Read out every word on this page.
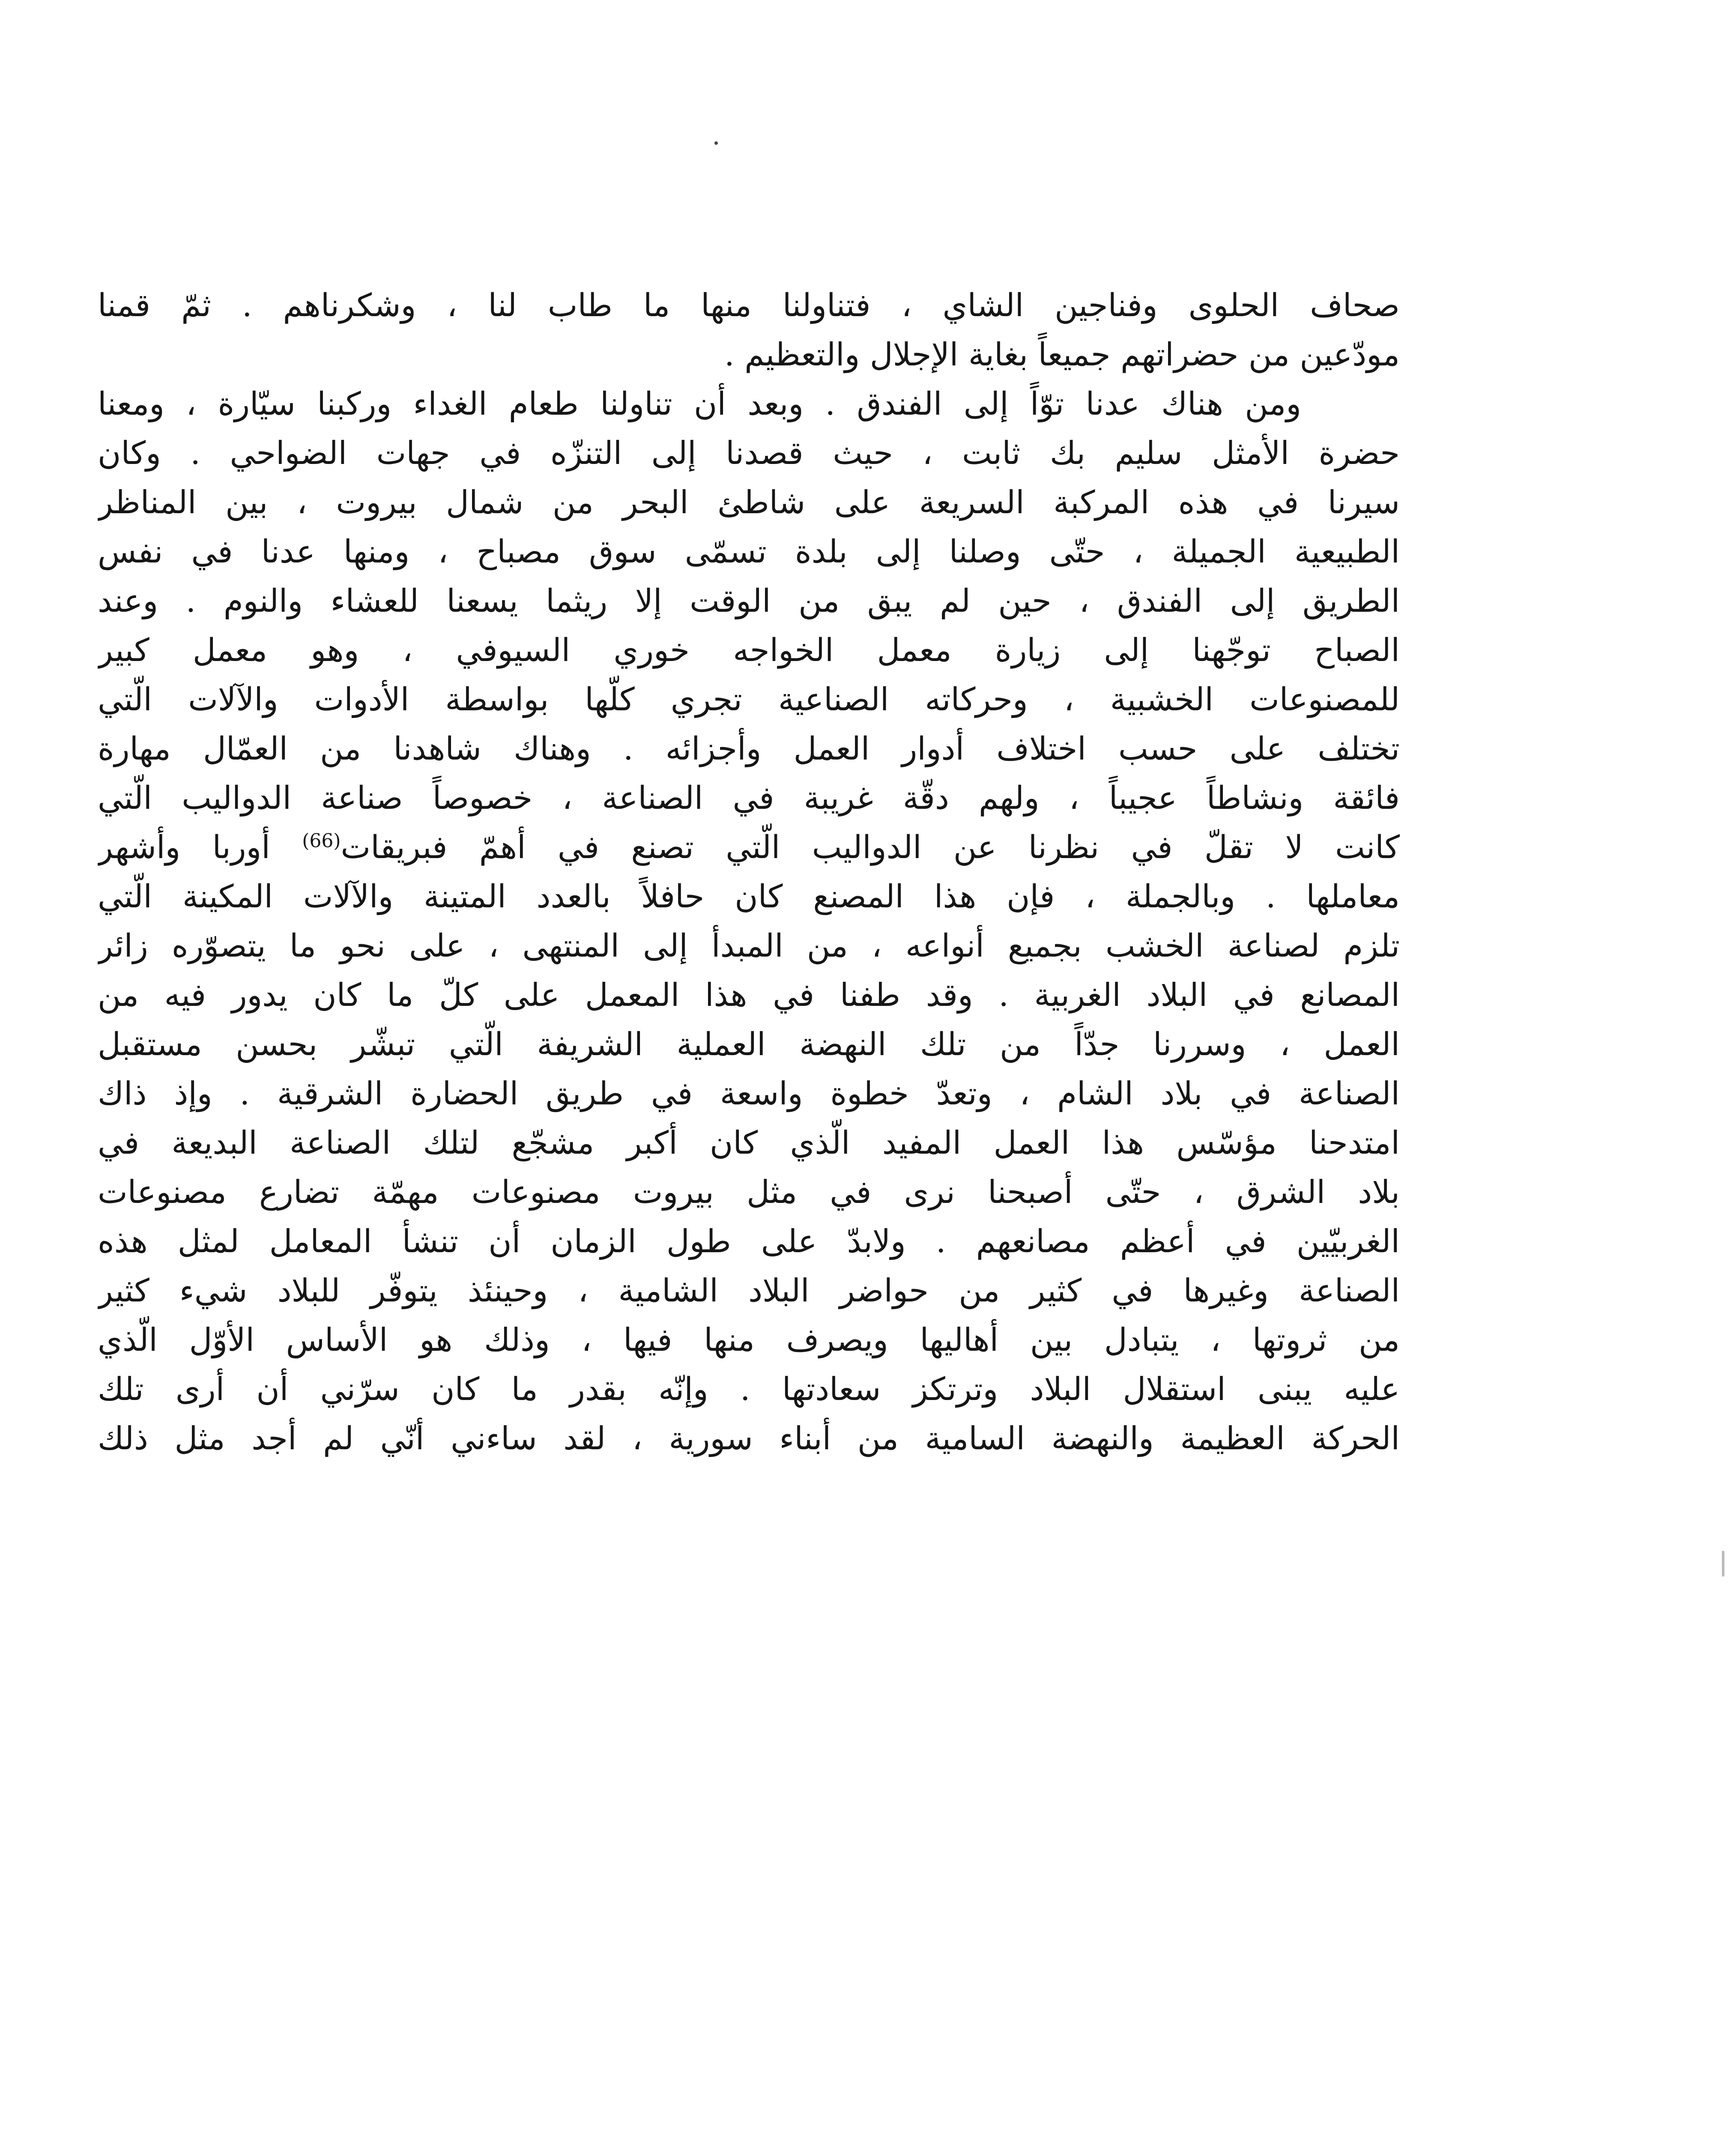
صحاف الحلوى وفناجين الشاي ، فتناولنا منها ما طاب لنا ، وشكرناهم . ثمّ قمنا
مودّعين من حضراتهم جميعاً بغاية الإجلال والتعظيم .
ومن هناك عدنا توّاً إلى الفندق . وبعد أن تناولنا طعام الغداء وركبنا سيّارة ، ومعنا
حضرة الأمثل سليم بك ثابت ، حيث قصدنا إلى التنزّه في جهات الضواحي . وكان
سيرنا في هذه المركبة السريعة على شاطئ البحر من شمال بيروت ، بين المناظر
الطبيعية الجميلة ، حتّى وصلنا إلى بلدة تسمّى سوق مصباح ، ومنها عدنا في نفس
الطريق إلى الفندق ، حين لم يبق من الوقت إلا ريثما يسعنا للعشاء والنوم . وعند
الصباح توجّهنا إلى زيارة معمل الخواجه خوري السيوفي ، وهو معمل كبير
للمصنوعات الخشبية ، وحركاته الصناعية تجري كلّها بواسطة الأدوات والآلات الّتي
تختلف على حسب اختلاف أدوار العمل وأجزائه . وهناك شاهدنا من العمّال مهارة
فائقة ونشاطاً عجيباً ، ولهم دقّة غريبة في الصناعة ، خصوصاً صناعة الدواليب الّتي
كانت لا تقلّ في نظرنا عن الدواليب الّتي تصنع في أهمّ فبريقات$^{(66)}$ أوربا وأشهر
معاملها . وبالجملة ، فإن هذا المصنع كان حافلاً بالعدد المتينة والآلات المكينة الّتي
تلزم لصناعة الخشب بجميع أنواعه ، من المبدأ إلى المنتهى ، على نحو ما يتصوّره زائر
المصانع في البلاد الغربية . وقد طفنا في هذا المعمل على كلّ ما كان يدور فيه من
العمل ، وسررنا جدّاً من تلك النهضة العملية الشريفة الّتي تبشّر بحسن مستقبل
الصناعة في بلاد الشام ، وتعدّ خطوة واسعة في طريق الحضارة الشرقية . وإذ ذاك
امتدحنا مؤسّس هذا العمل المفيد الّذي كان أكبر مشجّع لتلك الصناعة البديعة في
بلاد الشرق ، حتّى أصبحنا نرى في مثل بيروت مصنوعات مهمّة تضارع مصنوعات
الغربيّين في أعظم مصانعهم . ولابدّ على طول الزمان أن تنشأ المعامل لمثل هذه
الصناعة وغيرها في كثير من حواضر البلاد الشامية ، وحينئذ يتوفّر للبلاد شيء كثير
من ثروتها ، يتبادل بين أهاليها ويصرف منها فيها ، وذلك هو الأساس الأوّل الّذي
عليه يبنى استقلال البلاد وترتكز سعادتها . وإنّه بقدر ما كان سرّني أن أرى تلك
الحركة العظيمة والنهضة السامية من أبناء سورية ، لقد ساءني أنّي لم أجد مثل ذلك
